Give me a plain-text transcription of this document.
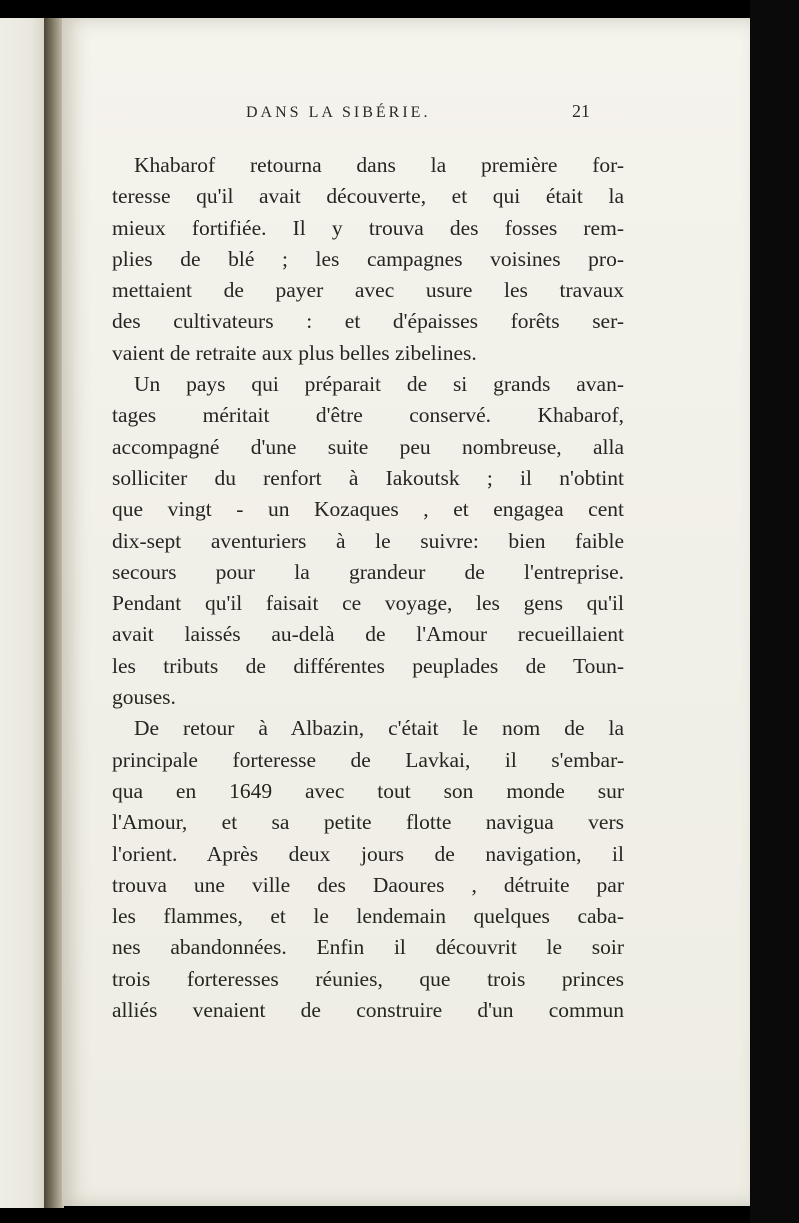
DANS LA SIBÉRIE.	21
Khabarof retourna dans la première for-
teresse qu'il avait découverte, et qui était la
mieux fortifiée. Il y trouva des fosses rem-
plies de blé ; les campagnes voisines pro-
mettaient de payer avec usure les travaux
des cultivateurs : et d'épaisses forêts ser-
vaient de retraite aux plus belles zibelines.
Un pays qui préparait de si grands avan-
tages méritait d'être conservé. Khabarof,
accompagné d'une suite peu nombreuse, alla
solliciter du renfort à Iakoutsk ; il n'obtint
que vingt - un Kozaques , et engagea cent
dix-sept aventuriers à le suivre: bien faible
secours pour la grandeur de l'entreprise.
Pendant qu'il faisait ce voyage, les gens qu'il
avait laissés au-delà de l'Amour recueillaient
les tributs de différentes peuplades de Toun-
gouses.
De retour à Albazin, c'était le nom de la
principale forteresse de Lavkai, il s'embar-
qua en 1649 avec tout son monde sur
l'Amour, et sa petite flotte navigua vers
l'orient. Après deux jours de navigation, il
trouva une ville des Daoures , détruite par
les flammes, et le lendemain quelques caba-
nes abandonnées. Enfin il découvrit le soir
trois forteresses réunies, que trois princes
alliés venaient de construire d'un commun
